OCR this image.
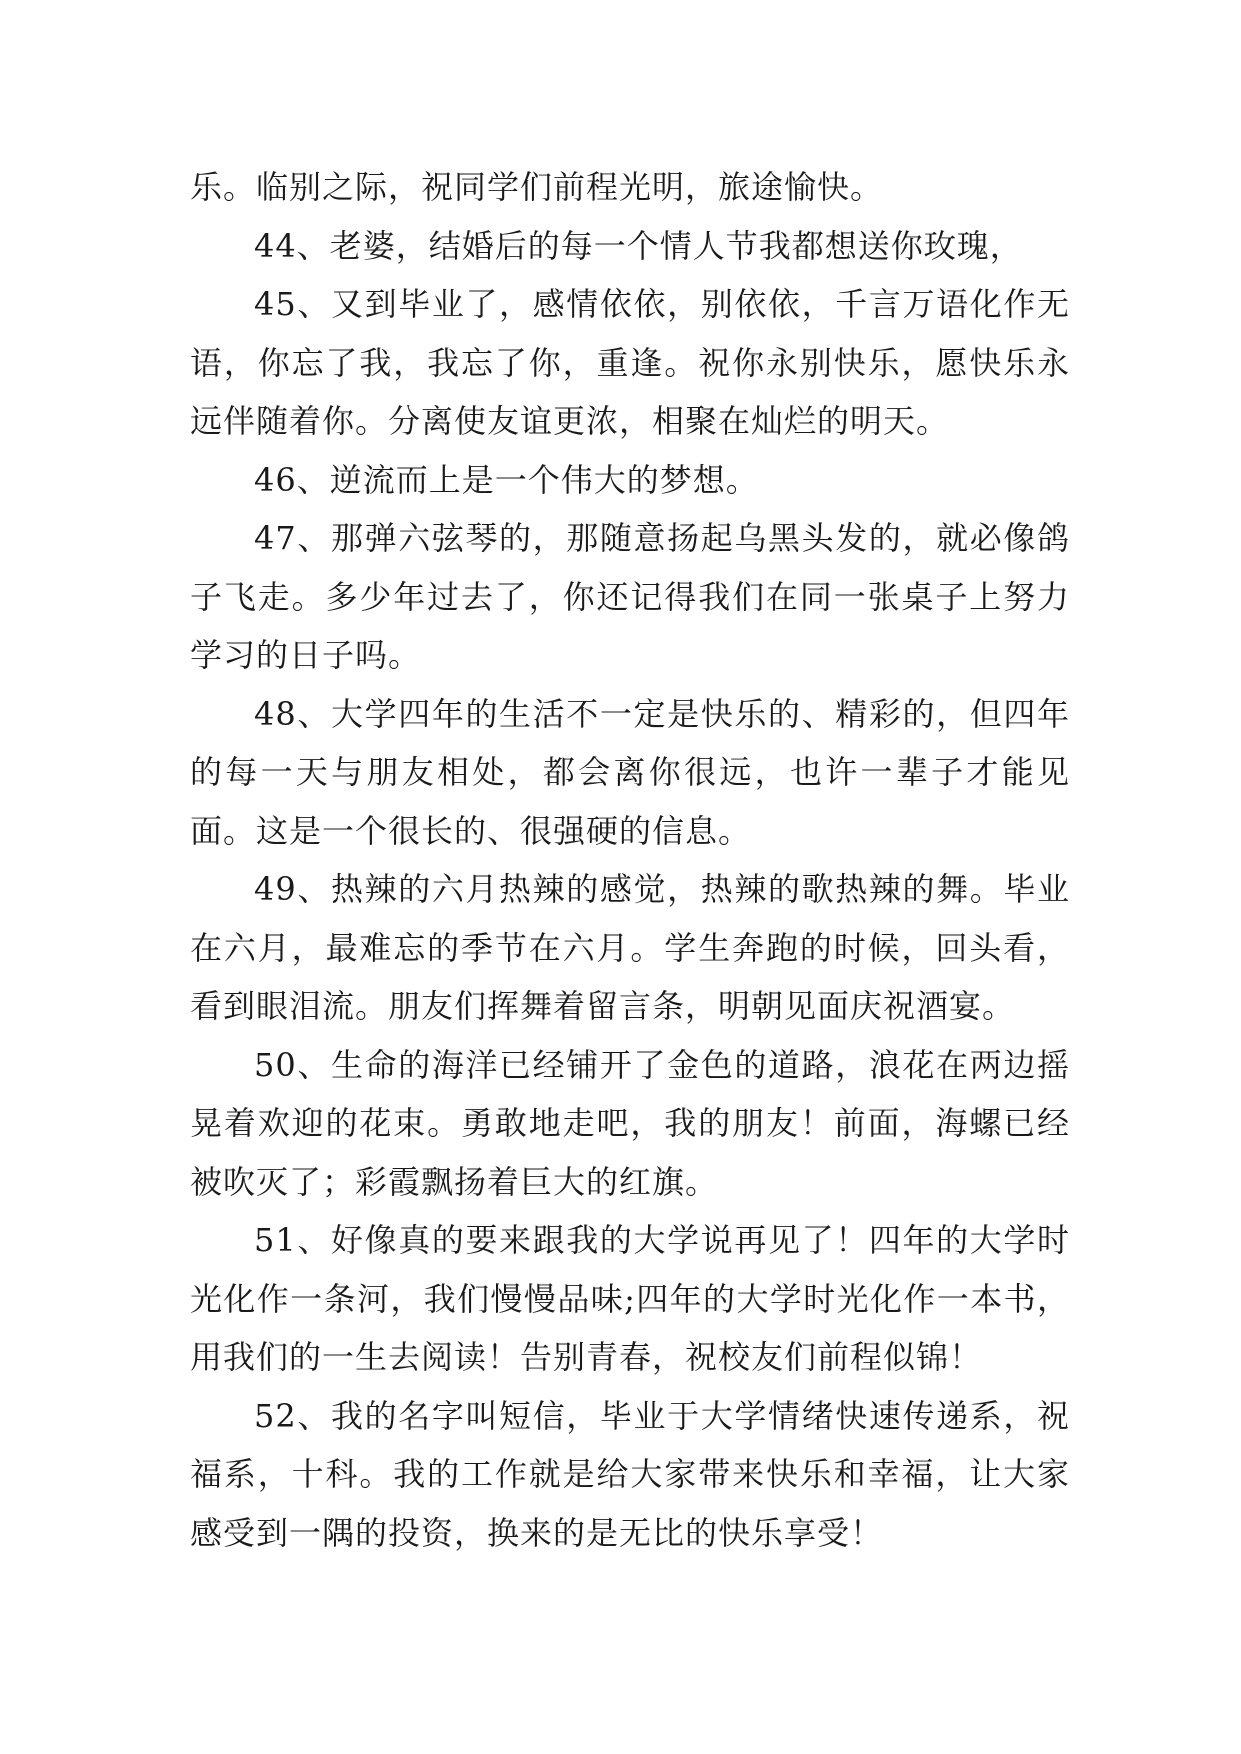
乐。临别之际，祝同学们前程光明，旅途愉快。

44、老婆，结婚后的每一个情人节我都想送你玫瑰，

45、又到毕业了，感情依依，别依依，千言万语化作无语，你忘了我，我忘了你，重逢。祝你永别快乐，愿快乐永远伴随着你。分离使友谊更浓，相聚在灿烂的明天。

46、逆流而上是一个伟大的梦想。

47、那弹六弦琴的，那随意扬起乌黑头发的，就必像鸽子飞走。多少年过去了，你还记得我们在同一张桌子上努力学习的日子吗。

48、大学四年的生活不一定是快乐的、精彩的，但四年的每一天与朋友相处，都会离你很远，也许一辈子才能见面。这是一个很长的、很强硬的信息。

49、热辣的六月热辣的感觉，热辣的歌热辣的舞。毕业在六月，最难忘的季节在六月。学生奔跑的时候，回头看，看到眼泪流。朋友们挥舞着留言条，明朝见面庆祝酒宴。

50、生命的海洋已经铺开了金色的道路，浪花在两边摇晃着欢迎的花束。勇敢地走吧，我的朋友！前面，海螺已经被吹灭了；彩霞飘扬着巨大的红旗。

51、好像真的要来跟我的大学说再见了！四年的大学时光化作一条河，我们慢慢品味;四年的大学时光化作一本书，用我们的一生去阅读！告别青春，祝校友们前程似锦！

52、我的名字叫短信，毕业于大学情绪快速传递系，祝福系，十科。我的工作就是给大家带来快乐和幸福，让大家感受到一隅的投资，换来的是无比的快乐享受！
